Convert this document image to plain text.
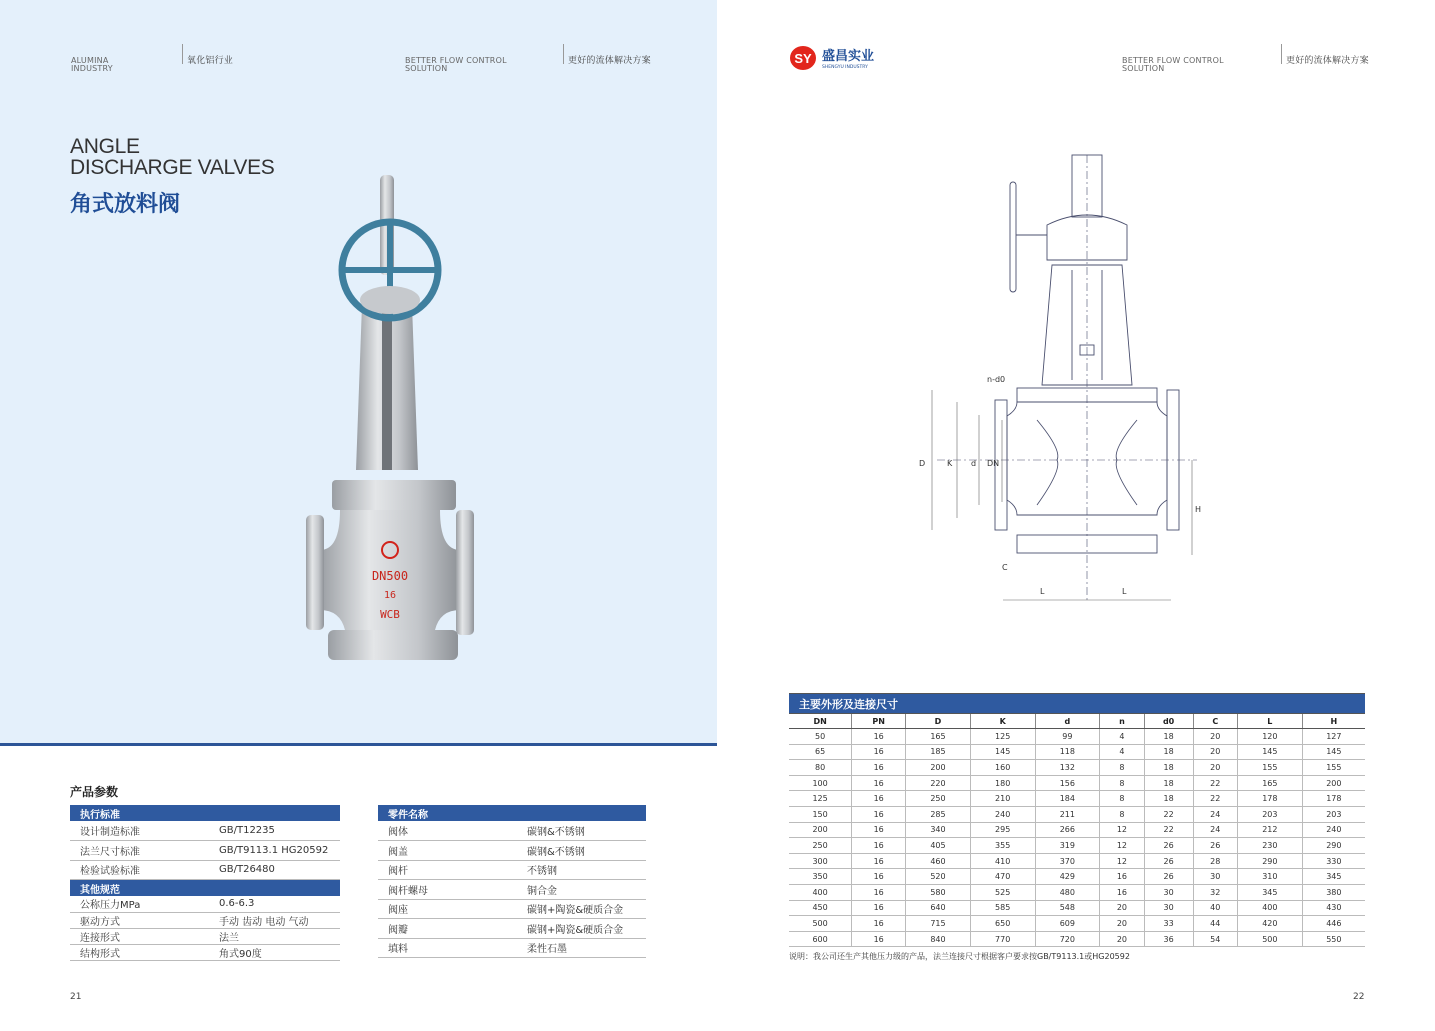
ALUMINA
INDUSTRY
氧化铝行业	BETTER FLOW CONTROL
SOLUTION
更好的流体解决方案
ANGLE
DISCHARGE VALVES
角式放料阀
DN500
16
WCB
产品参数
执行标准	
设计制造标准	GB/T12235
法兰尺寸标准	GB/T9113.1 HG20592
检验试验标准	GB/T26480
其他规范	
公称压力MPa	0.6-6.3
驱动方式	手动 齿动 电动 气动
连接形式	法兰
结构形式	角式90度
零件名称	
阀体	碳钢&不锈钢
阀盖	碳钢&不锈钢
阀杆	不锈钢
阀杆螺母	铜合金
阀座	碳钢+陶瓷&硬质合金
阀瓣	碳钢+陶瓷&硬质合金
填料	柔性石墨
21
SY 盛昌实业
SHENGYU INDUSTRY
BETTER FLOW CONTROL
SOLUTION
更好的流体解决方案
D	K d DN
n-d0
H
C
L	L
主要外形及连接尺寸									
DN	PN	D	K	d	n	d0	C	L	H
50	16	165	125	99	4	18	20	120	127
65	16	185	145	118	4	18	20	145	145
80	16	200	160	132	8	18	20	155	155
100	16	220	180	156	8	18	22	165	200
125	16	250	210	184	8	18	22	178	178
150	16	285	240	211	8	22	24	203	203
200	16	340	295	266	12	22	24	212	240
250	16	405	355	319	12	26	26	230	290
300	16	460	410	370	12	26	28	290	330
350	16	520	470	429	16	26	30	310	345
400	16	580	525	480	16	30	32	345	380
450	16	640	585	548	20	30	40	400	430
500	16	715	650	609	20	33	44	420	446
600	16	840	770	720	20	36	54	500	550
说明：我公司还生产其他压力级的产品，法兰连接尺寸根据客户要求按GB/T9113.1或HG20592
22
